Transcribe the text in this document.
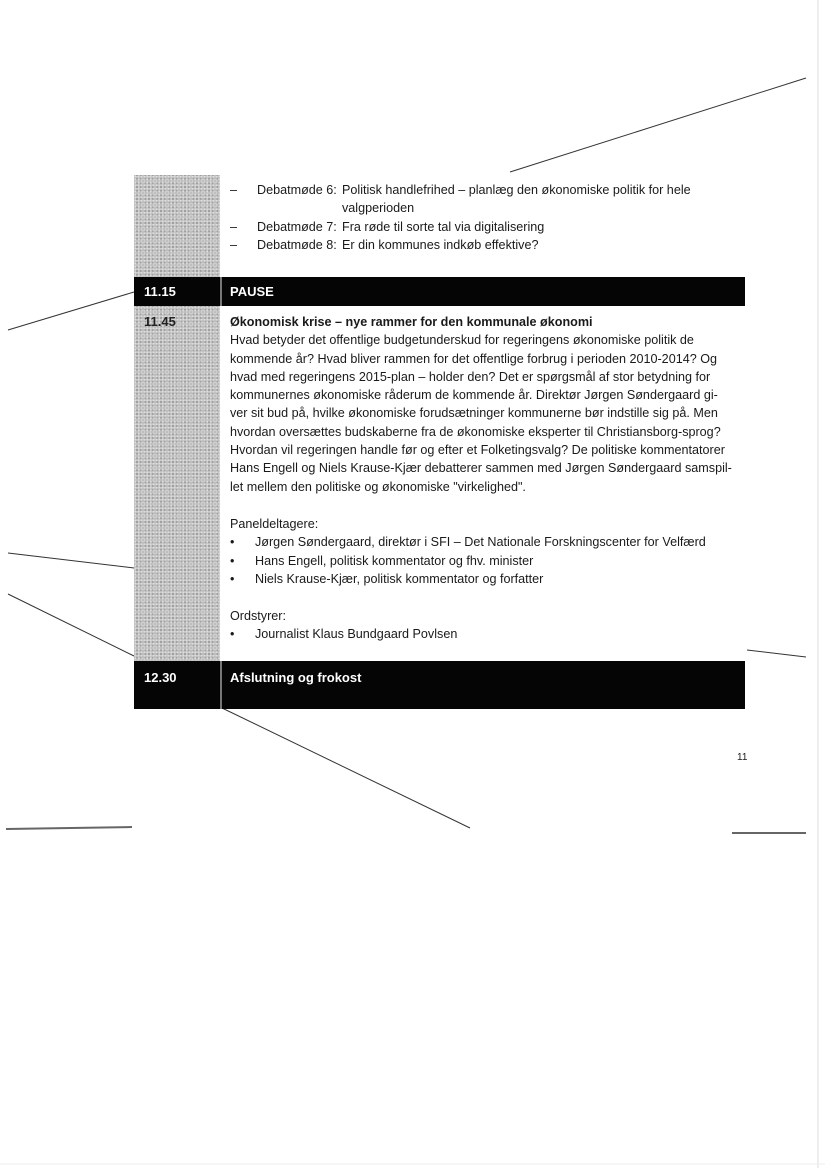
– Debatmøde 6: Politisk handlefrihed – planlæg den økonomiske politik for hele
valgperioden
– Debatmøde 7: Fra røde til sorte tal via digitalisering
– Debatmøde 8: Er din kommunes indkøb effektive?
11.15	PAUSE
11.45	Økonomisk krise – nye rammer for den kommunale økonomi
Hvad betyder det offentlige budgetunderskud for regeringens økonomiske politik de
kommende år? Hvad bliver rammen for det offentlige forbrug i perioden 2010-2014? Og
hvad med regeringens 2015-plan – holder den? Det er spørgsmål af stor betydning for
kommunernes økonomiske råderum de kommende år. Direktør Jørgen Søndergaard gi-
ver sit bud på, hvilke økonomiske forudsætninger kommunerne bør indstille sig på. Men
hvordan oversættes budskaberne fra de økonomiske eksperter til Christiansborg-sprog?
Hvordan vil regeringen handle før og efter et Folketingsvalg? De politiske kommentatorer
Hans Engell og Niels Krause-Kjær debatterer sammen med Jørgen Søndergaard samspil-
let mellem den politiske og økonomiske "virkelighed".
Paneldeltagere:
• Jørgen Søndergaard, direktør i SFI – Det Nationale Forskningscenter for Velfærd
• Hans Engell, politisk kommentator og fhv. minister
• Niels Krause-Kjær, politisk kommentator og forfatter
Ordstyrer:
• Journalist Klaus Bundgaard Povlsen
12.30	Afslutning og frokost
11
